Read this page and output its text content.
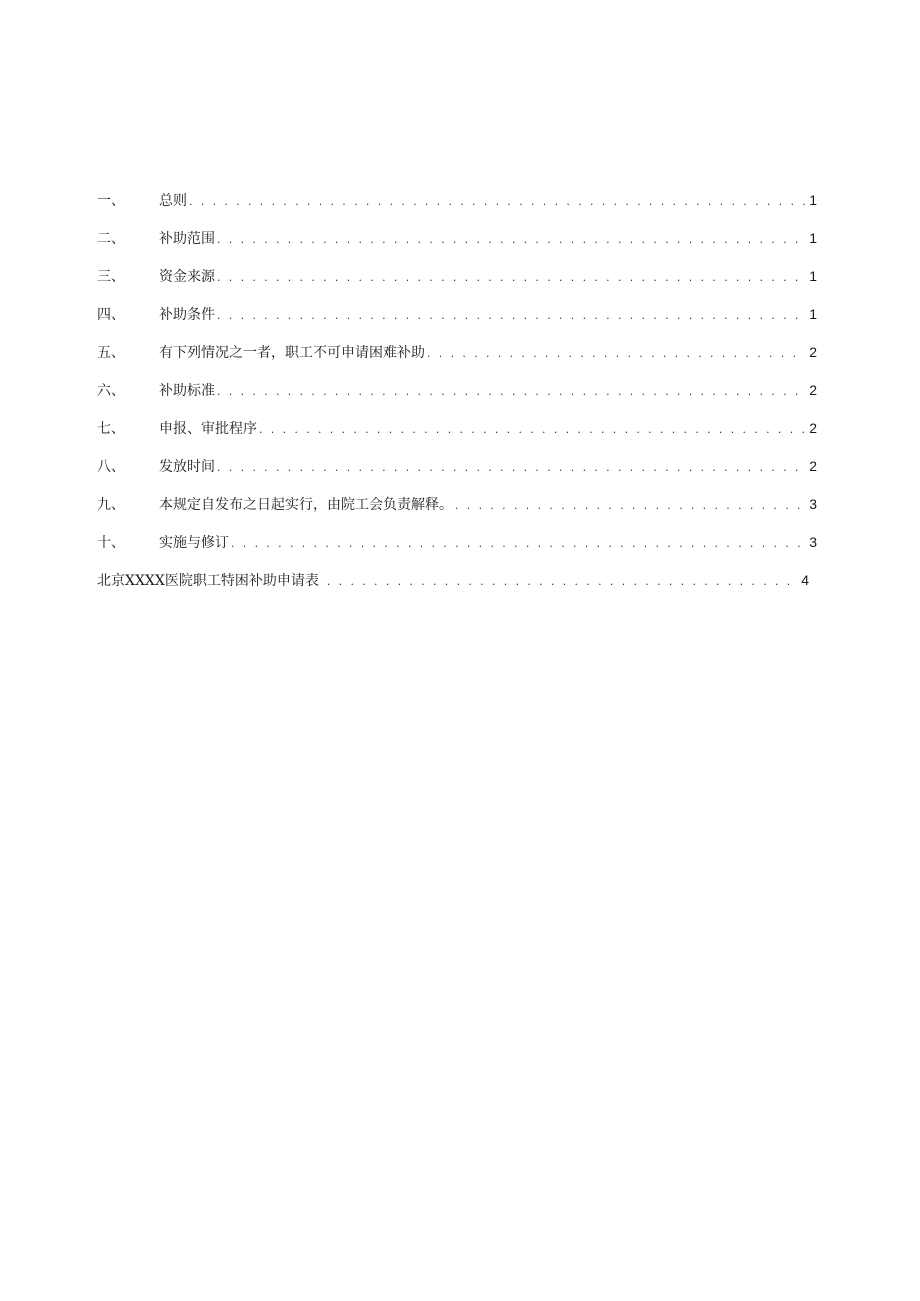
一、	总则 . . .	1
二、	补助范围 . . .	1
三、	资金来源 . . .	1
四、	补助条件 . . .	1
五、	有下列情况之一者，职工不可申请困难补助 . . .	2
六、	补助标准 . . .	2
七、	申报、审批程序 . . .	2
八、	发放时间 . . .	2
九、	本规定自发布之日起实行，由院工会负责解释。 . . .	3
十、	实施与修订 . . .	3
北京XXXX医院职工特困补助申请表 . . .	4
